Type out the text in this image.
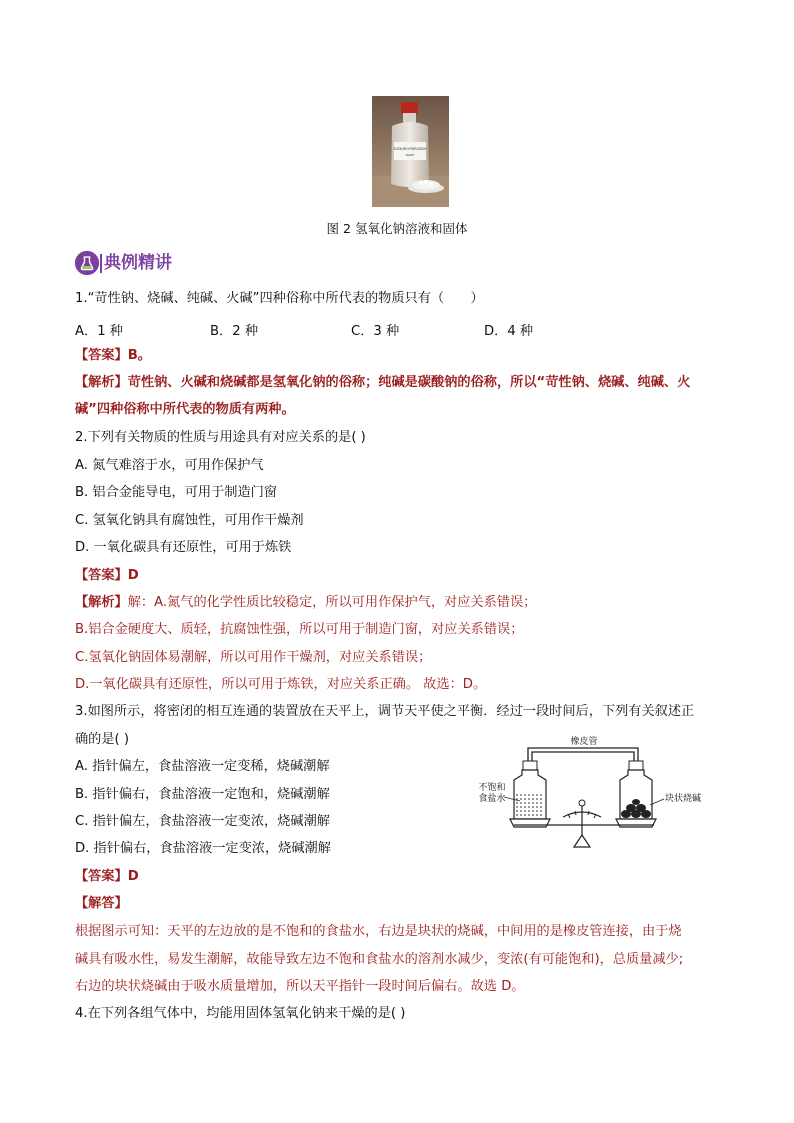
SODIUM HYDROXIDE
NaOH
图 2 氢氧化钠溶液和固体
典例精讲
1.“苛性钠、烧碱、纯碱、火碱”四种俗称中所代表的物质只有（　　）
A．1 种	B．2 种	C．3 种	D．4 种
【答案】B。
【解析】苛性钠、火碱和烧碱都是氢氧化钠的俗称；纯碱是碳酸钠的俗称，所以“苛性钠、烧碱、纯碱、火
碱”四种俗称中所代表的物质有两种。
2.下列有关物质的性质与用途具有对应关系的是( )
A. 氮气难溶于水，可用作保护气
B. 铝合金能导电，可用于制造门窗
C. 氢氧化钠具有腐蚀性，可用作干燥剂
D. 一氧化碳具有还原性，可用于炼铁
【答案】D
【解析】解：A.氮气的化学性质比较稳定，所以可用作保护气，对应关系错误；
B.铝合金硬度大、质轻，抗腐蚀性强，所以可用于制造门窗，对应关系错误；
C.氢氧化钠固体易潮解，所以可用作干燥剂，对应关系错误；
D.一氧化碳具有还原性，所以可用于炼铁，对应关系正确。 故选：D。
3.如图所示，将密闭的相互连通的装置放在天平上，调节天平使之平衡．经过一段时间后，下列有关叙述正
确的是( )
A. 指针偏左，食盐溶液一定变稀，烧碱潮解
B. 指针偏右，食盐溶液一定饱和，烧碱潮解
C. 指针偏左，食盐溶液一定变浓，烧碱潮解
D. 指针偏右，食盐溶液一定变浓，烧碱潮解
橡皮管
不饱和
食盐水	块状烧碱
【答案】D
【解答】
根据图示可知：天平的左边放的是不饱和的食盐水，右边是块状的烧碱，中间用的是橡皮管连接，由于烧
碱具有吸水性，易发生潮解，故能导致左边不饱和食盐水的溶剂水减少，变浓(有可能饱和)，总质量减少;
右边的块状烧碱由于吸水质量增加，所以天平指针一段时间后偏右。故选 D。
4.在下列各组气体中，均能用固体氢氧化钠来干燥的是( )
